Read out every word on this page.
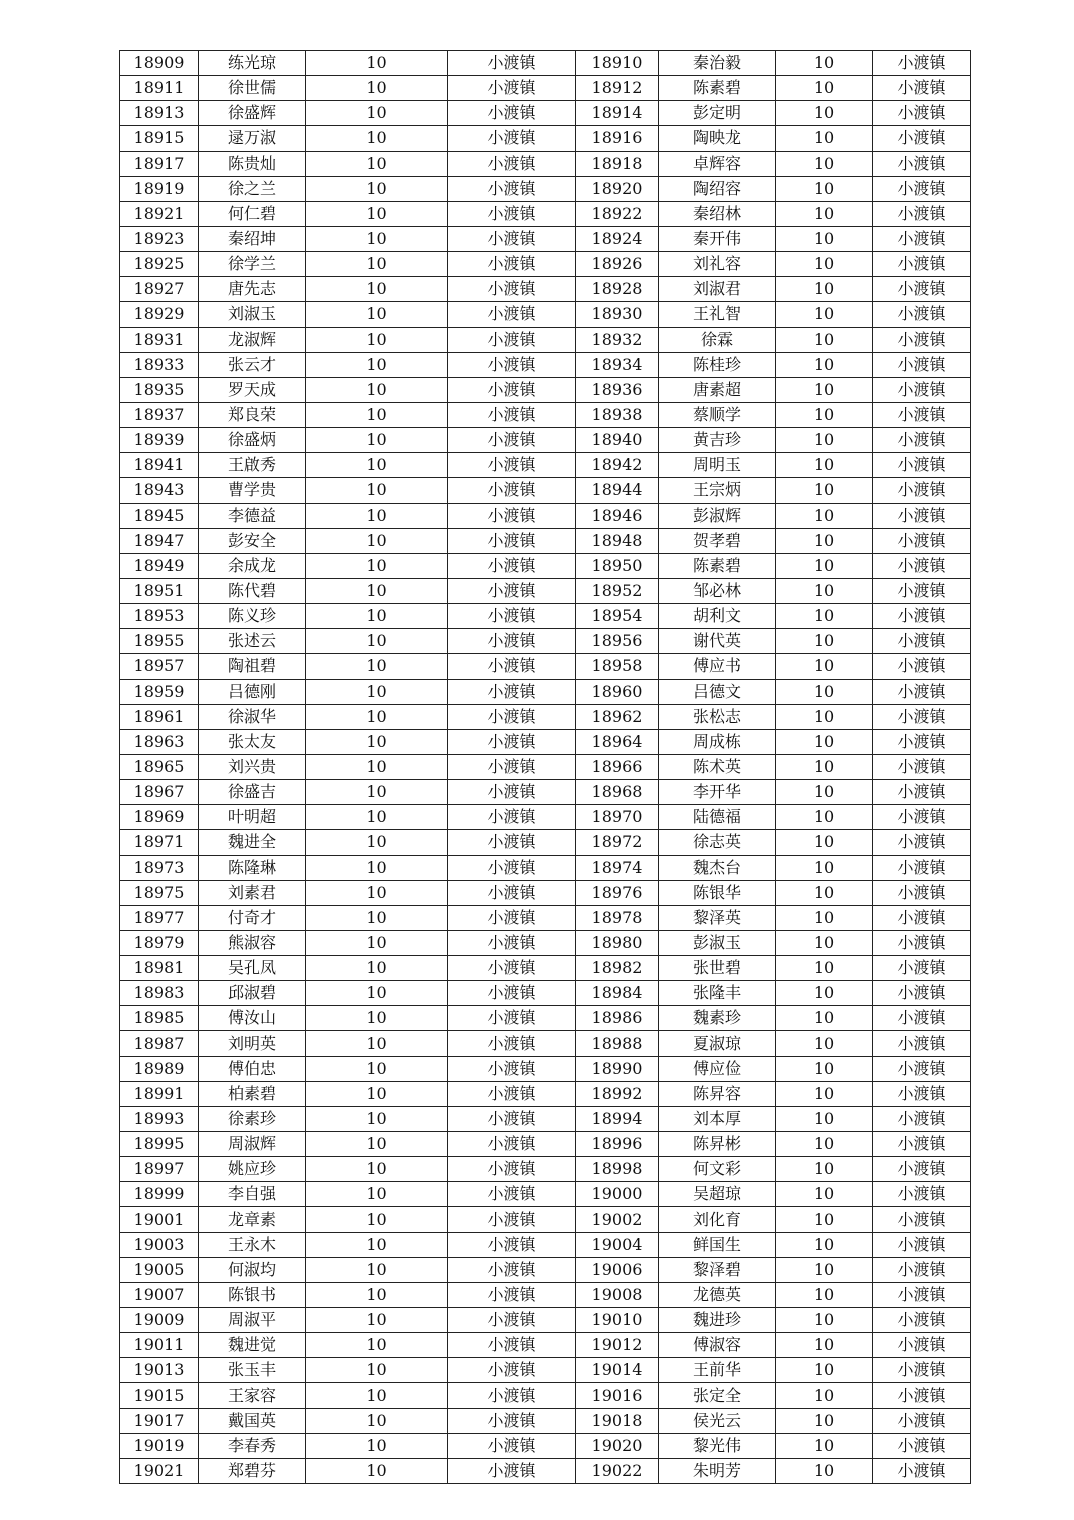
18909	练光琼	10	小渡镇	18910	秦治毅	10	小渡镇
18911	徐世儒	10	小渡镇	18912	陈素碧	10	小渡镇
18913	徐盛辉	10	小渡镇	18914	彭定明	10	小渡镇
18915	逯万淑	10	小渡镇	18916	陶映龙	10	小渡镇
18917	陈贵灿	10	小渡镇	18918	卓辉容	10	小渡镇
18919	徐之兰	10	小渡镇	18920	陶绍容	10	小渡镇
18921	何仁碧	10	小渡镇	18922	秦绍林	10	小渡镇
18923	秦绍坤	10	小渡镇	18924	秦开伟	10	小渡镇
18925	徐学兰	10	小渡镇	18926	刘礼容	10	小渡镇
18927	唐先志	10	小渡镇	18928	刘淑君	10	小渡镇
18929	刘淑玉	10	小渡镇	18930	王礼智	10	小渡镇
18931	龙淑辉	10	小渡镇	18932	徐霖	10	小渡镇
18933	张云才	10	小渡镇	18934	陈桂珍	10	小渡镇
18935	罗天成	10	小渡镇	18936	唐素超	10	小渡镇
18937	郑良荣	10	小渡镇	18938	蔡顺学	10	小渡镇
18939	徐盛炳	10	小渡镇	18940	黄吉珍	10	小渡镇
18941	王啟秀	10	小渡镇	18942	周明玉	10	小渡镇
18943	曹学贵	10	小渡镇	18944	王宗炳	10	小渡镇
18945	李德益	10	小渡镇	18946	彭淑辉	10	小渡镇
18947	彭安全	10	小渡镇	18948	贺孝碧	10	小渡镇
18949	余成龙	10	小渡镇	18950	陈素碧	10	小渡镇
18951	陈代碧	10	小渡镇	18952	邹必林	10	小渡镇
18953	陈义珍	10	小渡镇	18954	胡利文	10	小渡镇
18955	张述云	10	小渡镇	18956	谢代英	10	小渡镇
18957	陶祖碧	10	小渡镇	18958	傅应书	10	小渡镇
18959	吕德刚	10	小渡镇	18960	吕德文	10	小渡镇
18961	徐淑华	10	小渡镇	18962	张松志	10	小渡镇
18963	张太友	10	小渡镇	18964	周成栋	10	小渡镇
18965	刘兴贵	10	小渡镇	18966	陈术英	10	小渡镇
18967	徐盛吉	10	小渡镇	18968	李开华	10	小渡镇
18969	叶明超	10	小渡镇	18970	陆德福	10	小渡镇
18971	魏进全	10	小渡镇	18972	徐志英	10	小渡镇
18973	陈隆琳	10	小渡镇	18974	魏杰台	10	小渡镇
18975	刘素君	10	小渡镇	18976	陈银华	10	小渡镇
18977	付奇才	10	小渡镇	18978	黎泽英	10	小渡镇
18979	熊淑容	10	小渡镇	18980	彭淑玉	10	小渡镇
18981	吴孔凤	10	小渡镇	18982	张世碧	10	小渡镇
18983	邱淑碧	10	小渡镇	18984	张隆丰	10	小渡镇
18985	傅汝山	10	小渡镇	18986	魏素珍	10	小渡镇
18987	刘明英	10	小渡镇	18988	夏淑琼	10	小渡镇
18989	傅伯忠	10	小渡镇	18990	傅应俭	10	小渡镇
18991	柏素碧	10	小渡镇	18992	陈昇容	10	小渡镇
18993	徐素珍	10	小渡镇	18994	刘本厚	10	小渡镇
18995	周淑辉	10	小渡镇	18996	陈昇彬	10	小渡镇
18997	姚应珍	10	小渡镇	18998	何文彩	10	小渡镇
18999	李自强	10	小渡镇	19000	吴超琼	10	小渡镇
19001	龙章素	10	小渡镇	19002	刘化育	10	小渡镇
19003	王永木	10	小渡镇	19004	鲜国生	10	小渡镇
19005	何淑均	10	小渡镇	19006	黎泽碧	10	小渡镇
19007	陈银书	10	小渡镇	19008	龙德英	10	小渡镇
19009	周淑平	10	小渡镇	19010	魏进珍	10	小渡镇
19011	魏进觉	10	小渡镇	19012	傅淑容	10	小渡镇
19013	张玉丰	10	小渡镇	19014	王前华	10	小渡镇
19015	王家容	10	小渡镇	19016	张定全	10	小渡镇
19017	戴国英	10	小渡镇	19018	侯光云	10	小渡镇
19019	李春秀	10	小渡镇	19020	黎光伟	10	小渡镇
19021	郑碧芬	10	小渡镇	19022	朱明芳	10	小渡镇
